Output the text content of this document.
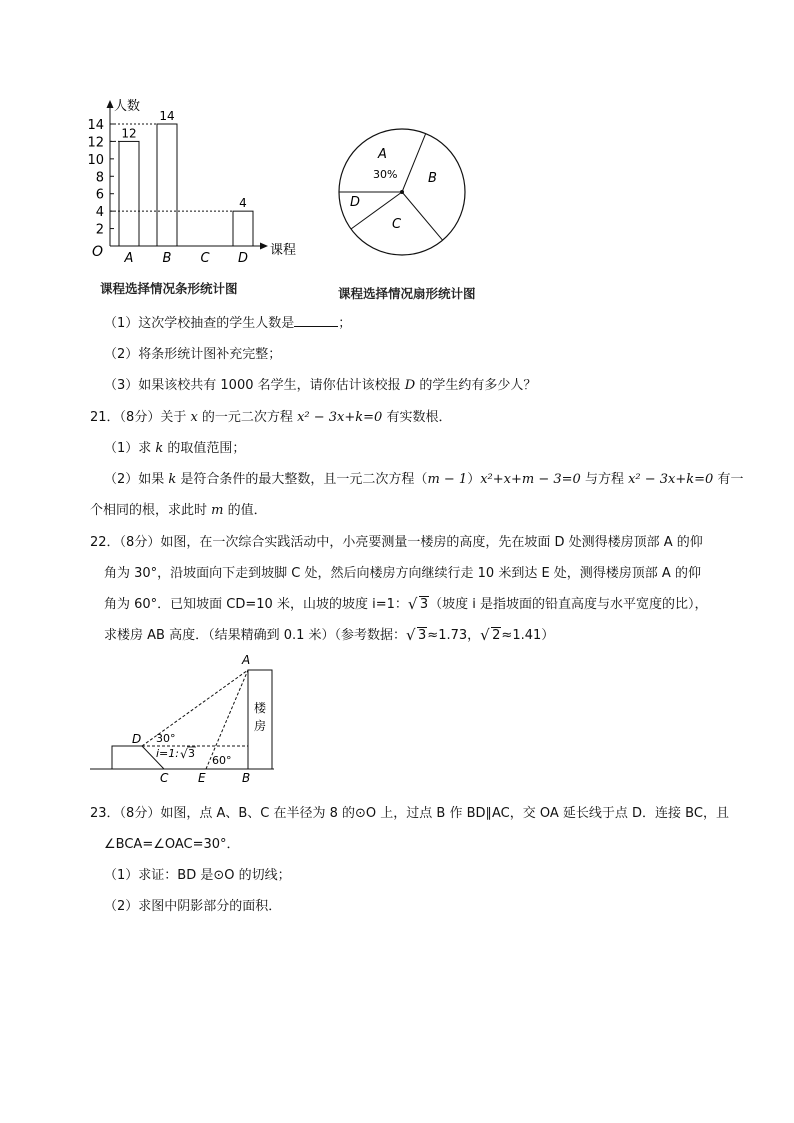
人数
课程
O
2
4
6
8
10
12
14
A
12
B
14
C D
4
课程选择情况条形统计图
A
30% B
C
D
课程选择情况扇形统计图
（1）这次学校抽查的学生人数是	；
（2）将条形统计图补充完整；
（3）如果该校共有 1000 名学生，请你估计该校报 D 的学生约有多少人？
21．（8分）关于 x 的一元二次方程 x² − 3x+k=0 有实数根．
（1）求 k 的取值范围；
（2）如果 k 是符合条件的最大整数，且一元二次方程（m − 1）x²+x+m − 3=0 与方程 x² − 3x+k=0 有一
个相同的根，求此时 m 的值．
22．（8分）如图，在一次综合实践活动中，小亮要测量一楼房的高度，先在坡面 D 处测得楼房顶部 A 的仰
角为 30°，沿坡面向下走到坡脚 C 处，然后向楼房方向继续行走 10 米到达 E 处，测得楼房顶部 A 的仰
角为 60°．已知坡面 CD=10 米，山坡的坡度 i=1： √ 3（坡度 i 是指坡面的铅直高度与水平宽度的比），
求楼房 AB 高度．（结果精确到 0.1 米）（参考数据： √ 3≈1.73， √ 2≈1.41）
楼
房
A
B
C
D
E
30°
60°
i=1: √ 3
23．（8分）如图，点 A、B、C 在半径为 8 的⊙O 上，过点 B 作 BD∥AC，交 OA 延长线于点 D．连接 BC，且
∠BCA=∠OAC=30°．
（1）求证：BD 是⊙O 的切线；
（2）求图中阴影部分的面积．
